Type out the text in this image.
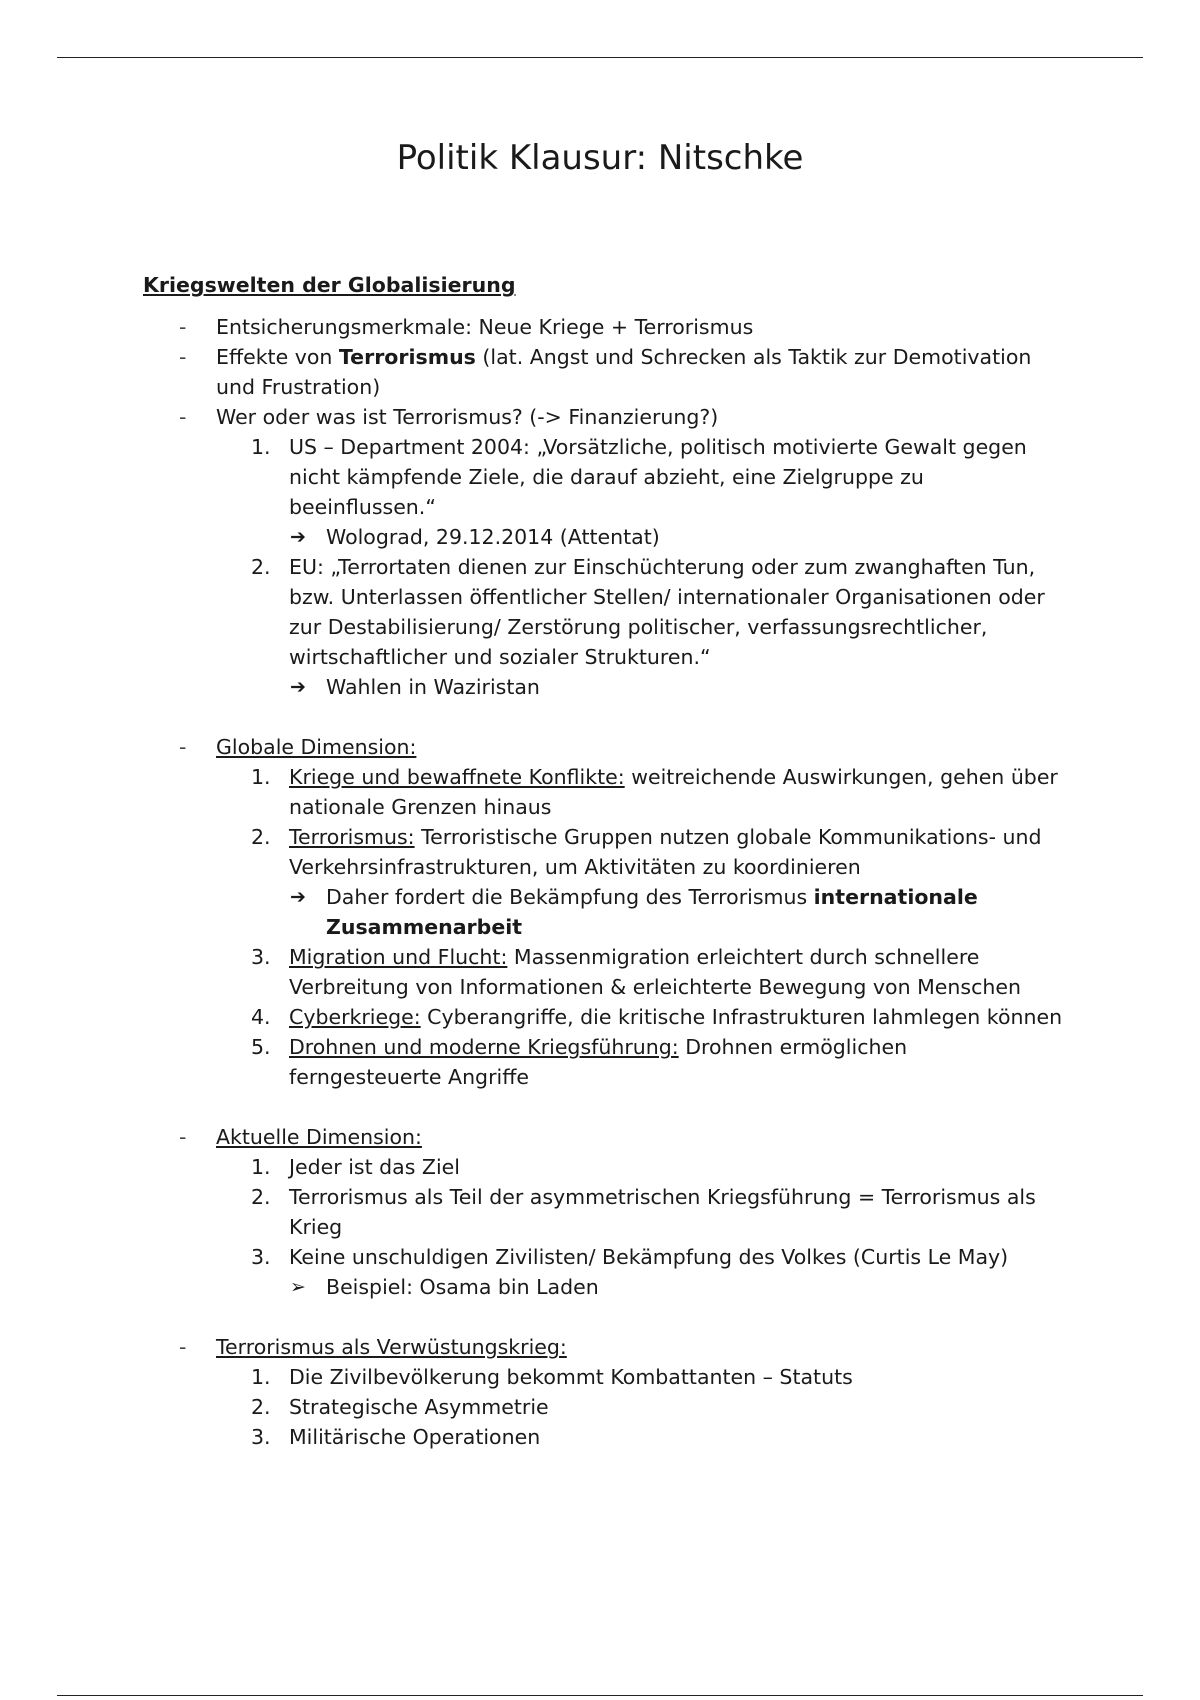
Politik Klausur: Nitschke
Kriegswelten der Globalisierung
- Entsicherungsmerkmale: Neue Kriege + Terrorismus
- Effekte von Terrorismus (lat. Angst und Schrecken als Taktik zur Demotivation und Frustration)
- Wer oder was ist Terrorismus? (-> Finanzierung?)
1. US – Department 2004: „Vorsätzliche, politisch motivierte Gewalt gegen nicht kämpfende Ziele, die darauf abzieht, eine Zielgruppe zu beeinflussen.“
➔ Wolograd, 29.12.2014 (Attentat)
2. EU: „Terrortaten dienen zur Einschüchterung oder zum zwanghaften Tun, bzw. Unterlassen öffentlicher Stellen/ internationaler Organisationen oder zur Destabilisierung/ Zerstörung politischer, verfassungsrechtlicher, wirtschaftlicher und sozialer Strukturen.“
➔ Wahlen in Waziristan
- Globale Dimension:
1. Kriege und bewaffnete Konflikte: weitreichende Auswirkungen, gehen über nationale Grenzen hinaus
2. Terrorismus: Terroristische Gruppen nutzen globale Kommunikations- und Verkehrsinfrastrukturen, um Aktivitäten zu koordinieren
➔ Daher fordert die Bekämpfung des Terrorismus internationale Zusammenarbeit
3. Migration und Flucht: Massenmigration erleichtert durch schnellere Verbreitung von Informationen & erleichterte Bewegung von Menschen
4. Cyberkriege: Cyberangriffe, die kritische Infrastrukturen lahmlegen können
5. Drohnen und moderne Kriegsführung: Drohnen ermöglichen ferngesteuerte Angriffe
- Aktuelle Dimension:
1. Jeder ist das Ziel
2. Terrorismus als Teil der asymmetrischen Kriegsführung = Terrorismus als Krieg
3. Keine unschuldigen Zivilisten/ Bekämpfung des Volkes (Curtis Le May)
➢ Beispiel: Osama bin Laden
- Terrorismus als Verwüstungskrieg:
1. Die Zivilbevölkerung bekommt Kombattanten – Statuts
2. Strategische Asymmetrie
3. Militärische Operationen
